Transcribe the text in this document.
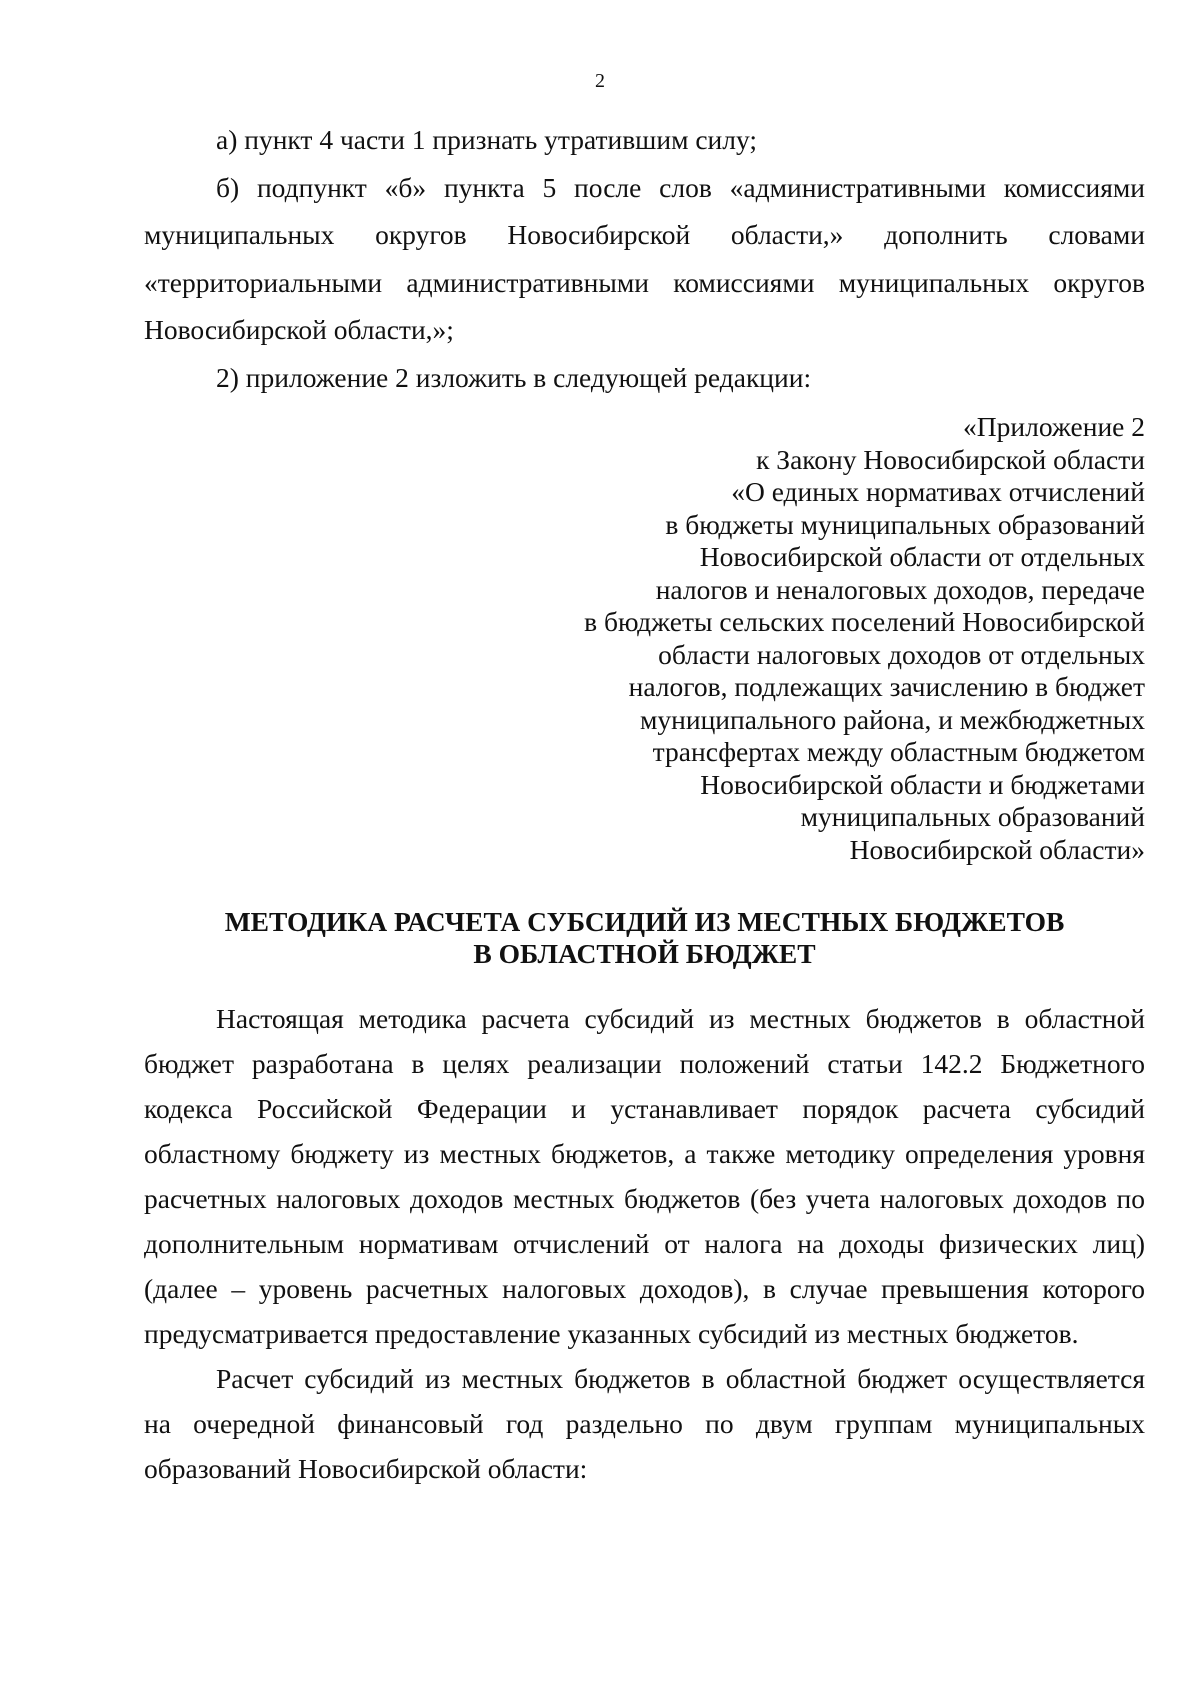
2

а) пункт 4 части 1 признать утратившим силу;

б) подпункт «б» пункта 5 после слов «административными комиссиями муниципальных округов Новосибирской области,» дополнить словами «территориальными административными комиссиями муниципальных округов Новосибирской области,»;

2) приложение 2 изложить в следующей редакции:

«Приложение 2
к Закону Новосибирской области
«О единых нормативах отчислений
в бюджеты муниципальных образований
Новосибирской области от отдельных
налогов и неналоговых доходов, передаче
в бюджеты сельских поселений Новосибирской
области налоговых доходов от отдельных
налогов, подлежащих зачислению в бюджет
муниципального района, и межбюджетных
трансфертах между областным бюджетом
Новосибирской области и бюджетами
муниципальных образований
Новосибирской области»
МЕТОДИКА РАСЧЕТА СУБСИДИЙ ИЗ МЕСТНЫХ БЮДЖЕТОВ
В ОБЛАСТНОЙ БЮДЖЕТ

Настоящая методика расчета субсидий из местных бюджетов в областной бюджет разработана в целях реализации положений статьи 142.2 Бюджетного кодекса Российской Федерации и устанавливает порядок расчета субсидий областному бюджету из местных бюджетов, а также методику определения уровня расчетных налоговых доходов местных бюджетов (без учета налоговых доходов по дополнительным нормативам отчислений от налога на доходы физических лиц) (далее – уровень расчетных налоговых доходов), в случае превышения которого предусматривается предоставление указанных субсидий из местных бюджетов.

Расчет субсидий из местных бюджетов в областной бюджет осуществляется на очередной финансовый год раздельно по двум группам муниципальных образований Новосибирской области:
